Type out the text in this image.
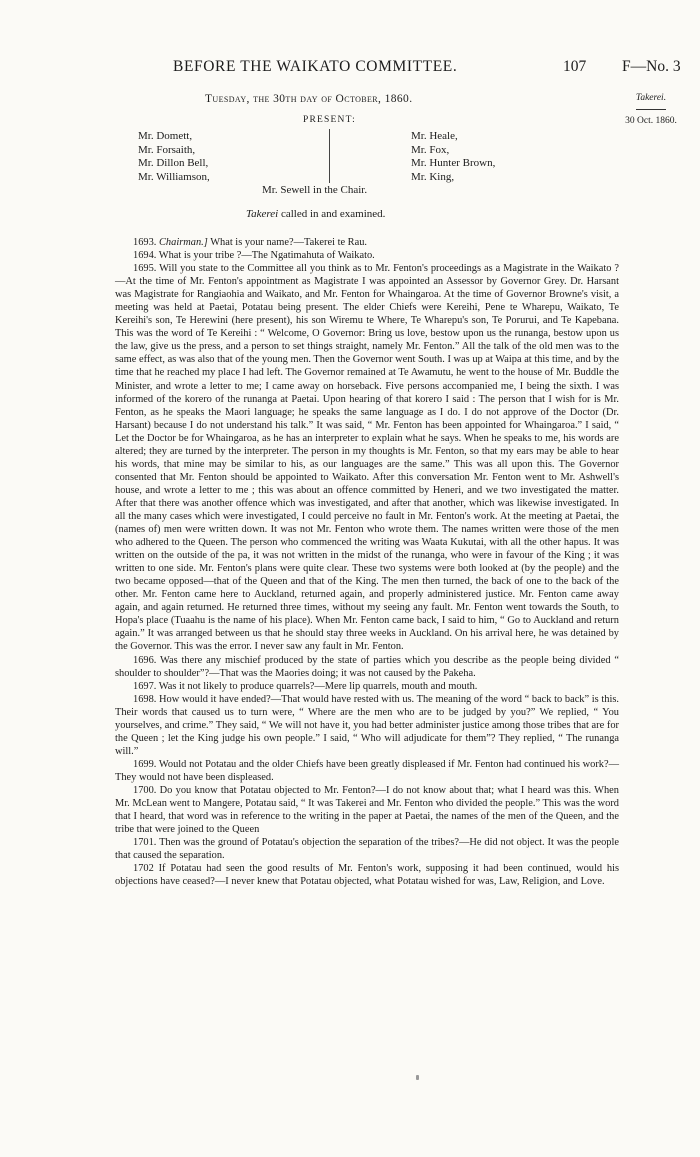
BEFORE THE WAIKATO COMMITTEE.	107 F—No. 3
Tuesday, the 30th day of October, 1860.	Takerei.
30 Oct. 1860.
PRESENT:
Mr. Domett,
Mr. Forsaith,
Mr. Dillon Bell,
Mr. Williamson,
Mr. Heale,
Mr. Fox,
Mr. Hunter Brown,
Mr. King,
Mr. Sewell in the Chair.
Takerei called in and examined.

1693. Chairman.] What is your name?—Takerei te Rau.

1694. What is your tribe ?—The Ngatimahuta of Waikato.

1695. Will you state to the Committee all you think as to Mr. Fenton's proceedings as a Magistrate in the Waikato ?—At the time of Mr. Fenton's appointment as Magistrate I was appointed an Assessor by Governor Grey. Dr. Harsant was Magistrate for Rangiaohia and Waikato, and Mr. Fenton for Whaingaroa. At the time of Governor Browne's visit, a meeting was held at Paetai, Potatau being present. The elder Chiefs were Kereihi, Pene te Wharepu, Waikato, Te Kereihi's son, Te Herewini (here present), his son Wiremu te Where, Te Wharepu's son, Te Porurui, and Te Kapebana. This was the word of Te Kereihi : “ Welcome, O Governor: Bring us love, bestow upon us the runanga, bestow upon us the law, give us the press, and a person to set things straight, namely Mr. Fenton.” All the talk of the old men was to the same effect, as was also that of the young men. Then the Governor went South. I was up at Waipa at this time, and by the time that he reached my place I had left. The Governor remained at Te Awamutu, he went to the house of Mr. Buddle the Minister, and wrote a letter to me; I came away on horseback. Five persons accompanied me, I being the sixth. I was informed of the korero of the runanga at Paetai. Upon hearing of that korero I said : The person that I wish for is Mr. Fenton, as he speaks the Maori language; he speaks the same language as I do. I do not approve of the Doctor (Dr. Harsant) because I do not understand his talk.” It was said, “ Mr. Fenton has been appointed for Whaingaroa.” I said, “ Let the Doctor be for Whaingaroa, as he has an interpreter to explain what he says. When he speaks to me, his words are altered; they are turned by the interpreter. The person in my thoughts is Mr. Fenton, so that my ears may be able to hear his words, that mine may be similar to his, as our languages are the same.” This was all upon this. The Governor consented that Mr. Fenton should be appointed to Waikato. After this conversation Mr. Fenton went to Mr. Ashwell's house, and wrote a letter to me ; this was about an offence committed by Heneri, and we two investigated the matter. After that there was another offence which was investigated, and after that another, which was likewise investigated. In all the many cases which were investigated, I could perceive no fault in Mr. Fenton's work. At the meeting at Paetai, the (names of) men were written down. It was not Mr. Fenton who wrote them. The names written were those of the men who adhered to the Queen. The person who commenced the writing was Waata Kukutai, with all the other hapus. It was written on the outside of the pa, it was not written in the midst of the runanga, who were in favour of the King ; it was written to one side. Mr. Fenton's plans were quite clear. These two systems were both looked at (by the people) and the two became opposed—that of the Queen and that of the King. The men then turned, the back of one to the back of the other. Mr. Fenton came here to Auckland, returned again, and properly administered justice. Mr. Fenton came away again, and again returned. He returned three times, without my seeing any fault. Mr. Fenton went towards the South, to Hopa's place (Tuaahu is the name of his place). When Mr. Fenton came back, I said to him, “ Go to Auckland and return again.” It was arranged between us that he should stay three weeks in Auckland. On his arrival here, he was detained by the Governor. This was the error. I never saw any fault in Mr. Fenton.

1696. Was there any mischief produced by the state of parties which you describe as the people being divided “ shoulder to shoulder”?—That was the Maories doing; it was not caused by the Pakeha.

1697. Was it not likely to produce quarrels?—Mere lip quarrels, mouth and mouth.

1698. How would it have ended?—That would have rested with us. The meaning of the word “ back to back” is this. Their words that caused us to turn were, “ Where are the men who are to be judged by you?” We replied, “ You yourselves, and crime.” They said, “ We will not have it, you had better administer justice among those tribes that are for the Queen ; let the King judge his own people.” I said, “ Who will adjudicate for them”? They replied, “ The runanga will.”

1699. Would not Potatau and the older Chiefs have been greatly displeased if Mr. Fenton had continued his work?—They would not have been displeased.

1700. Do you know that Potatau objected to Mr. Fenton?—I do not know about that; what I heard was this. When Mr. McLean went to Mangere, Potatau said, “ It was Takerei and Mr. Fenton who divided the people.” This was the word that I heard, that word was in reference to the writing in the paper at Paetai, the names of the men of the Queen, and the tribe that were joined to the Queen

1701. Then was the ground of Potatau's objection the separation of the tribes?—He did not object. It was the people that caused the separation.

1702 If Potatau had seen the good results of Mr. Fenton's work, supposing it had been continued, would his objections have ceased?—I never knew that Potatau objected, what Potatau wished for was, Law, Religion, and Love.
